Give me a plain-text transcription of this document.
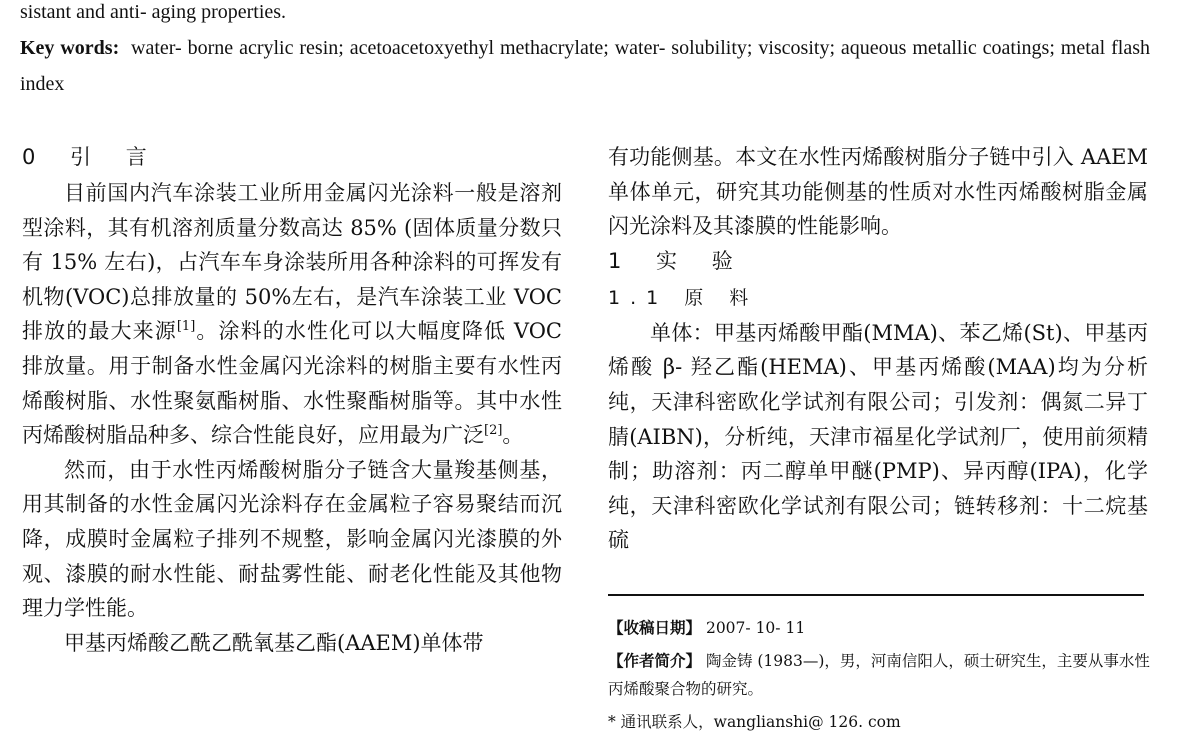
sistant and anti- aging properties.
Key words: water- borne acrylic resin; acetoacetoxyethyl methacrylate; water- solubility; viscosity; aqueous metallic coatings; metal flash index
0 引 言

目前国内汽车涂装工业所用金属闪光涂料一般是溶剂型涂料，其有机溶剂质量分数高达 85% (固体质量分数只有 15% 左右)，占汽车车身涂装所用各种涂料的可挥发有机物(VOC)总排放量的 50%左右，是汽车涂装工业 VOC 排放的最大来源[1]。涂料的水性化可以大幅度降低 VOC 排放量。用于制备水性金属闪光涂料的树脂主要有水性丙烯酸树脂、水性聚氨酯树脂、水性聚酯树脂等。其中水性丙烯酸树脂品种多、综合性能良好，应用最为广泛[2]。

然而，由于水性丙烯酸树脂分子链含大量羧基侧基，用其制备的水性金属闪光涂料存在金属粒子容易聚结而沉降，成膜时金属粒子排列不规整，影响金属闪光漆膜的外观、漆膜的耐水性能、耐盐雾性能、耐老化性能及其他物理力学性能。

甲基丙烯酸乙酰乙酰氧基乙酯(AAEM)单体带

有功能侧基。本文在水性丙烯酸树脂分子链中引入 AAEM 单体单元，研究其功能侧基的性质对水性丙烯酸树脂金属闪光涂料及其漆膜的性能影响。

1 实 验
1.1 原 料

单体：甲基丙烯酸甲酯(MMA)、苯乙烯(St)、甲基丙烯酸 β- 羟乙酯(HEMA)、甲基丙烯酸(MAA)均为分析纯，天津科密欧化学试剂有限公司；引发剂：偶氮二异丁腈(AIBN)，分析纯，天津市福星化学试剂厂，使用前须精制；助溶剂：丙二醇单甲醚(PMP)、异丙醇(IPA)，化学纯，天津科密欧化学试剂有限公司；链转移剂：十二烷基硫

【收稿日期】 2007- 10- 11
【作者简介】 陶金铸 (1983—)，男，河南信阳人，硕士研究生，主要从事水性丙烯酸聚合物的研究。
* 通讯联系人，wanglianshi@ 126. com
